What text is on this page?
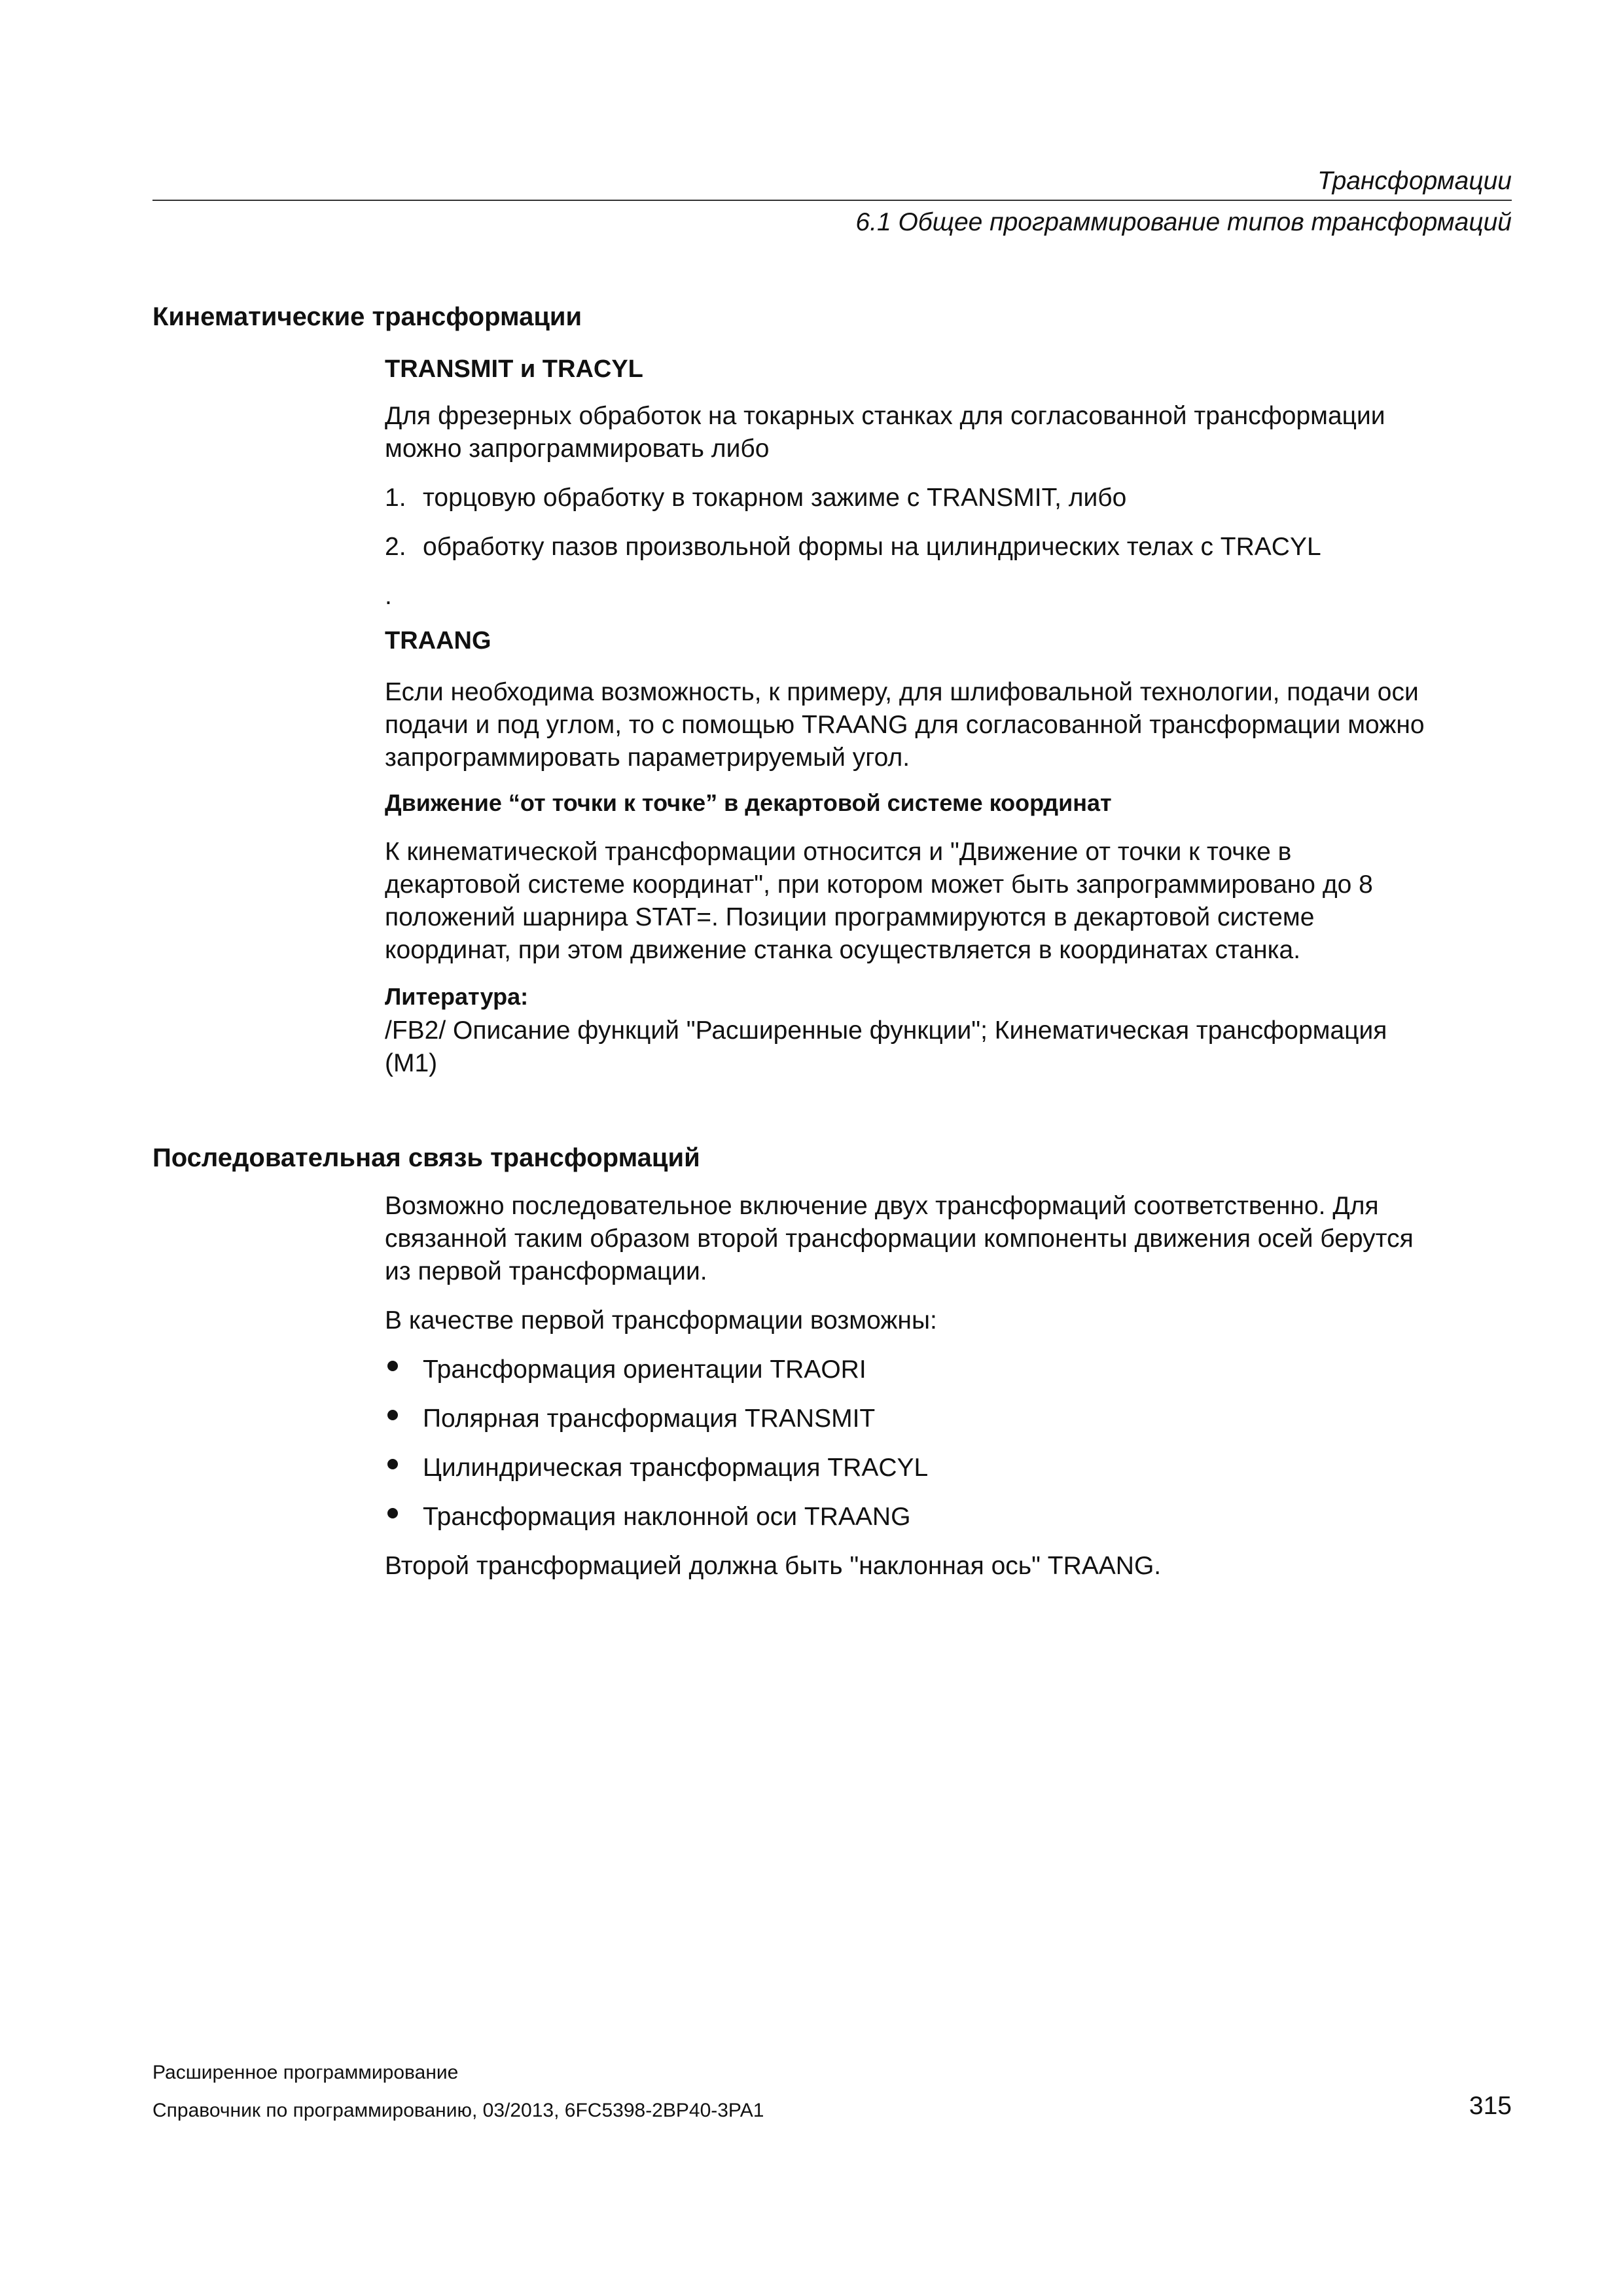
Трансформации
6.1 Общее программирование типов трансформаций
Кинематические трансформации
TRANSMIT и TRACYL
Для фрезерных обработок на токарных станках для согласованной трансформации
можно запрограммировать либо
1. торцовую обработку в токарном зажиме с TRANSMIT, либо
2. обработку пазов произвольной формы на цилиндрических телах с TRACYL
.
TRAANG
Если необходима возможность, к примеру, для шлифовальной технологии, подачи оси
подачи и под углом, то с помощью TRAANG для согласованной трансформации можно
запрограммировать параметрируемый угол.
Движение “от точки к точке” в декартовой системе координат
К кинематической трансформации относится и "Движение от точки к точке в
декартовой системе координат", при котором может быть запрограммировано до 8
положений шарнира STAT=. Позиции программируются в декартовой системе
координат, при этом движение станка осуществляется в координатах станка.
Литература:
/FB2/ Описание функций "Расширенные функции"; Кинематическая трансформация
(M1)
Последовательная связь трансформаций
Возможно последовательное включение двух трансформаций соответственно. Для
связанной таким образом второй трансформации компоненты движения осей берутся
из первой трансформации.
В качестве первой трансформации возможны:
Трансформация ориентации TRAORI
Полярная трансформация TRANSMIT
Цилиндрическая трансформация TRACYL
Трансформация наклонной оси TRAANG
Второй трансформацией должна быть "наклонная ось" TRAANG.
Расширенное программирование
Справочник по программированию, 03/2013, 6FC5398-2BP40-3PA1	315
